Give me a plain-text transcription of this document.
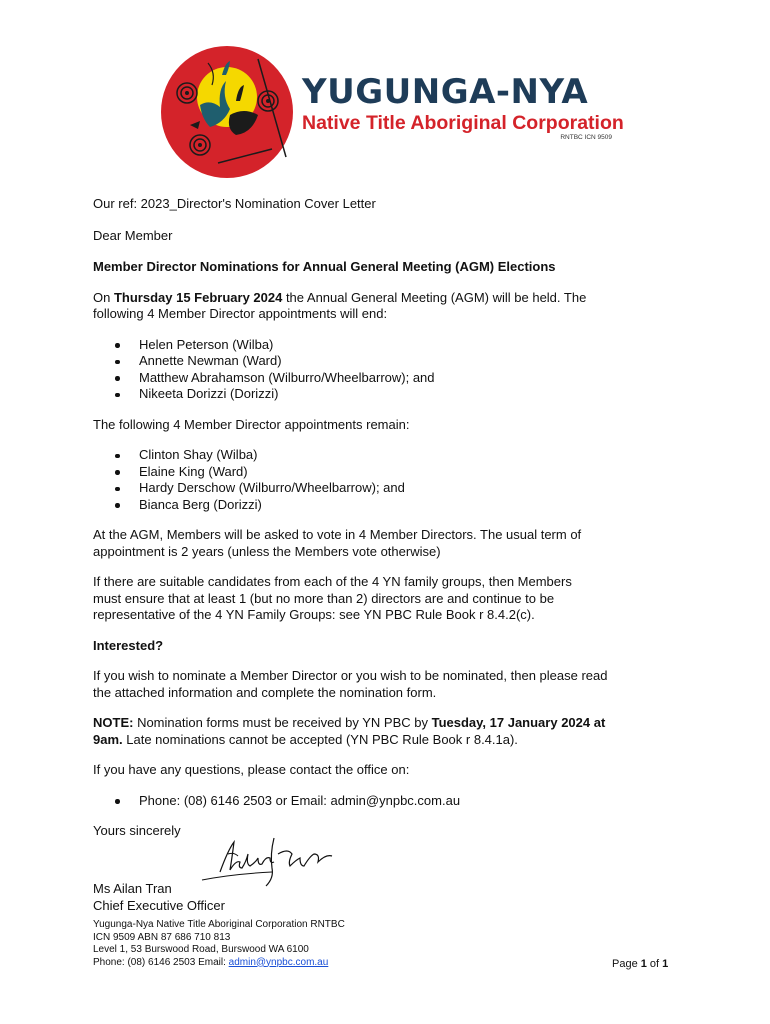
YUGUNGA-NYA
Native Title Aboriginal Corporation
RNTBC ICN 9509

Our ref: 2023_Director's Nomination Cover Letter

Dear Member

Member Director Nominations for Annual General Meeting (AGM) Elections

On Thursday 15 February 2024 the Annual General Meeting (AGM) will be held. The
following 4 Member Director appointments will end:

Helen Peterson (Wilba)
Annette Newman (Ward)
Matthew Abrahamson (Wilburro/Wheelbarrow); and
Nikeeta Dorizzi (Dorizzi)

The following 4 Member Director appointments remain:

Clinton Shay (Wilba)
Elaine King (Ward)
Hardy Derschow (Wilburro/Wheelbarrow); and
Bianca Berg (Dorizzi)

At the AGM, Members will be asked to vote in 4 Member Directors. The usual term of
appointment is 2 years (unless the Members vote otherwise)

If there are suitable candidates from each of the 4 YN family groups, then Members
must ensure that at least 1 (but no more than 2) directors are and continue to be
representative of the 4 YN Family Groups: see YN PBC Rule Book r 8.4.2(c).

Interested?

If you wish to nominate a Member Director or you wish to be nominated, then please read
the attached information and complete the nomination form.

NOTE: Nomination forms must be received by YN PBC by Tuesday, 17 January 2024 at
9am. Late nominations cannot be accepted (YN PBC Rule Book r 8.4.1a).

If you have any questions, please contact the office on:

Phone: (08) 6146 2503 or Email: admin@ynpbc.com.au

Yours sincerely

Ms Ailan Tran
Chief Executive Officer
Yugunga-Nya Native Title Aboriginal Corporation RNTBC
ICN 9509 ABN 87 686 710 813
Level 1, 53 Burswood Road, Burswood WA 6100
Phone: (08) 6146 2503 Email: admin@ynpbc.com.au	Page 1 of 1
